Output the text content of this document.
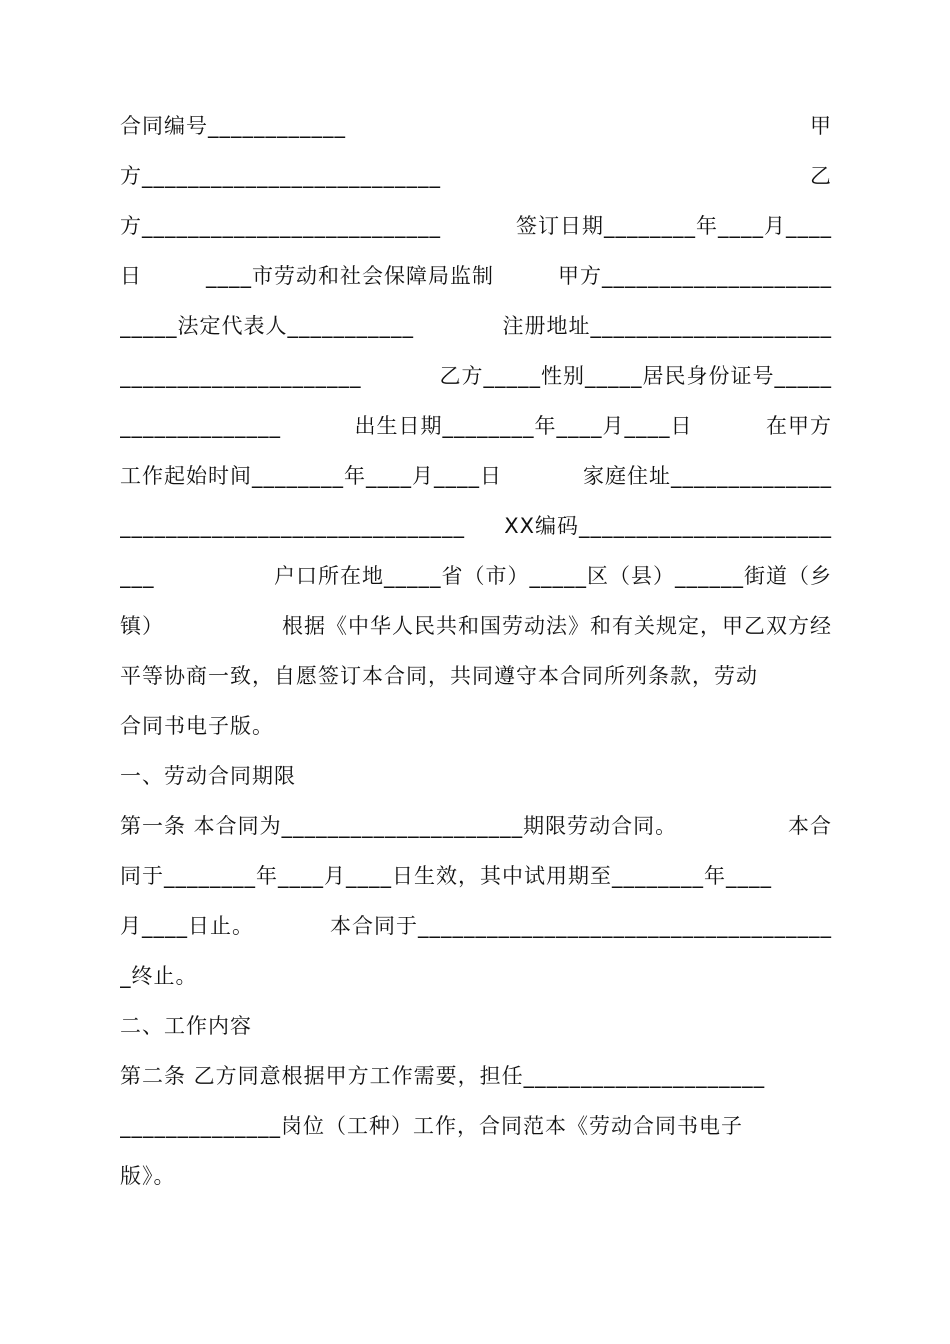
合同编号____________	甲
方__________________________	乙
方__________________________	签订日期________年____月____
日	____市劳动和社会保障局监制	甲方____________________
_____法定代表人___________	注册地址_____________________
_____________________	乙方_____性别_____居民身份证号_____
______________	出生日期________年____月____日	在甲方
工作起始时间________年____月____日	家庭住址______________
______________________________ XX编码______________________
___	户口所在地_____省（市）_____区（县）______街道（乡
镇）	根据《中华人民共和国劳动法》和有关规定，甲乙双方经
平等协商一致，自愿签订本合同，共同遵守本合同所列条款，劳动
合同书电子版。
一、劳动合同期限
第一条 本合同为_____________________期限劳动合同。	本合
同于________年____月____日生效，其中试用期至________年____
月____日止。	本合同于____________________________________
_终止。
二、工作内容
第二条 乙方同意根据甲方工作需要，担任_____________________
______________岗位（工种）工作，合同范本《劳动合同书电子
版》。
